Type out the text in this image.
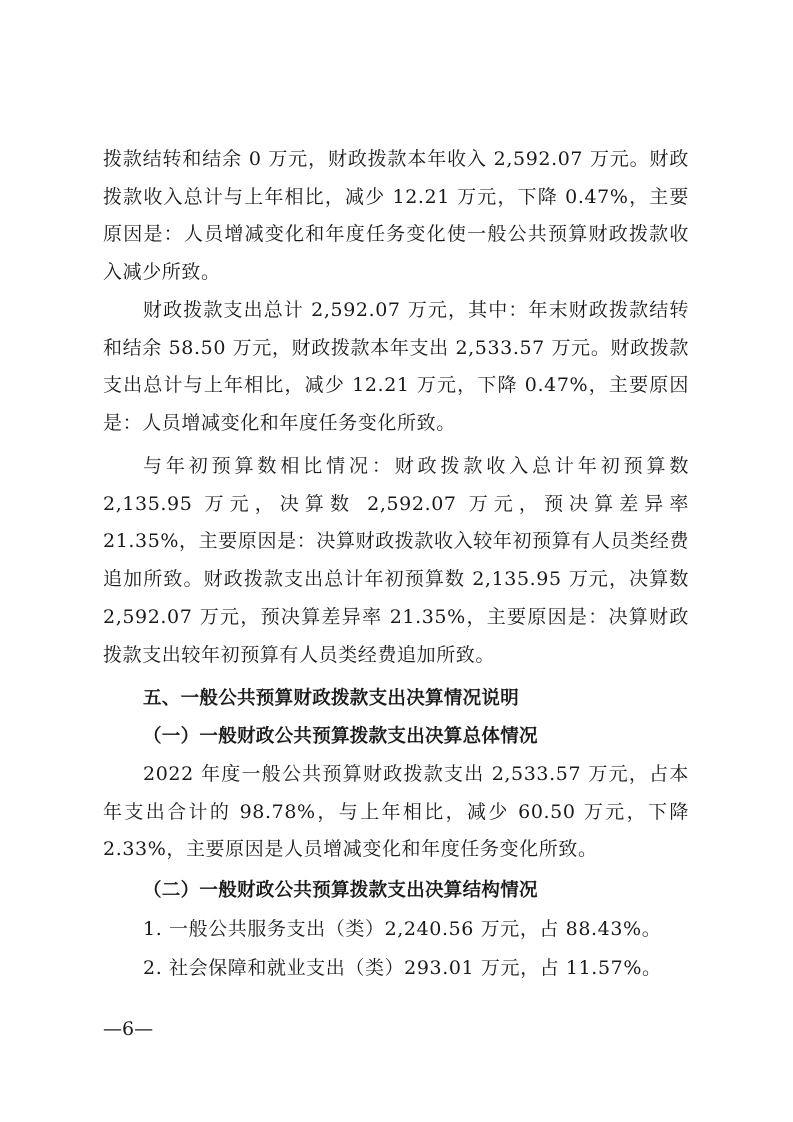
拨款结转和结余 0 万元，财政拨款本年收入 2,592.07 万元。财政拨款收入总计与上年相比，减少 12.21 万元，下降 0.47%，主要原因是：人员增减变化和年度任务变化使一般公共预算财政拨款收入减少所致。

财政拨款支出总计 2,592.07 万元，其中：年末财政拨款结转和结余 58.50 万元，财政拨款本年支出 2,533.57 万元。财政拨款支出总计与上年相比，减少 12.21 万元，下降 0.47%，主要原因是：人员增减变化和年度任务变化所致。

与年初预算数相比情况：财政拨款收入总计年初预算数 2,135.95 万元，决算数 2,592.07 万元，预决算差异率 21.35%，主要原因是：决算财政拨款收入较年初预算有人员类经费追加所致。财政拨款支出总计年初预算数 2,135.95 万元，决算数 2,592.07 万元，预决算差异率 21.35%，主要原因是：决算财政拨款支出较年初预算有人员类经费追加所致。

五、一般公共预算财政拨款支出决算情况说明
（一）一般财政公共预算拨款支出决算总体情况

2022 年度一般公共预算财政拨款支出 2,533.57 万元，占本年支出合计的 98.78%，与上年相比，减少 60.50 万元，下降 2.33%，主要原因是人员增减变化和年度任务变化所致。

（二）一般财政公共预算拨款支出决算结构情况

1. 一般公共服务支出（类）2,240.56 万元，占 88.43%。

2. 社会保障和就业支出（类）293.01 万元，占 11.57%。

—6—
